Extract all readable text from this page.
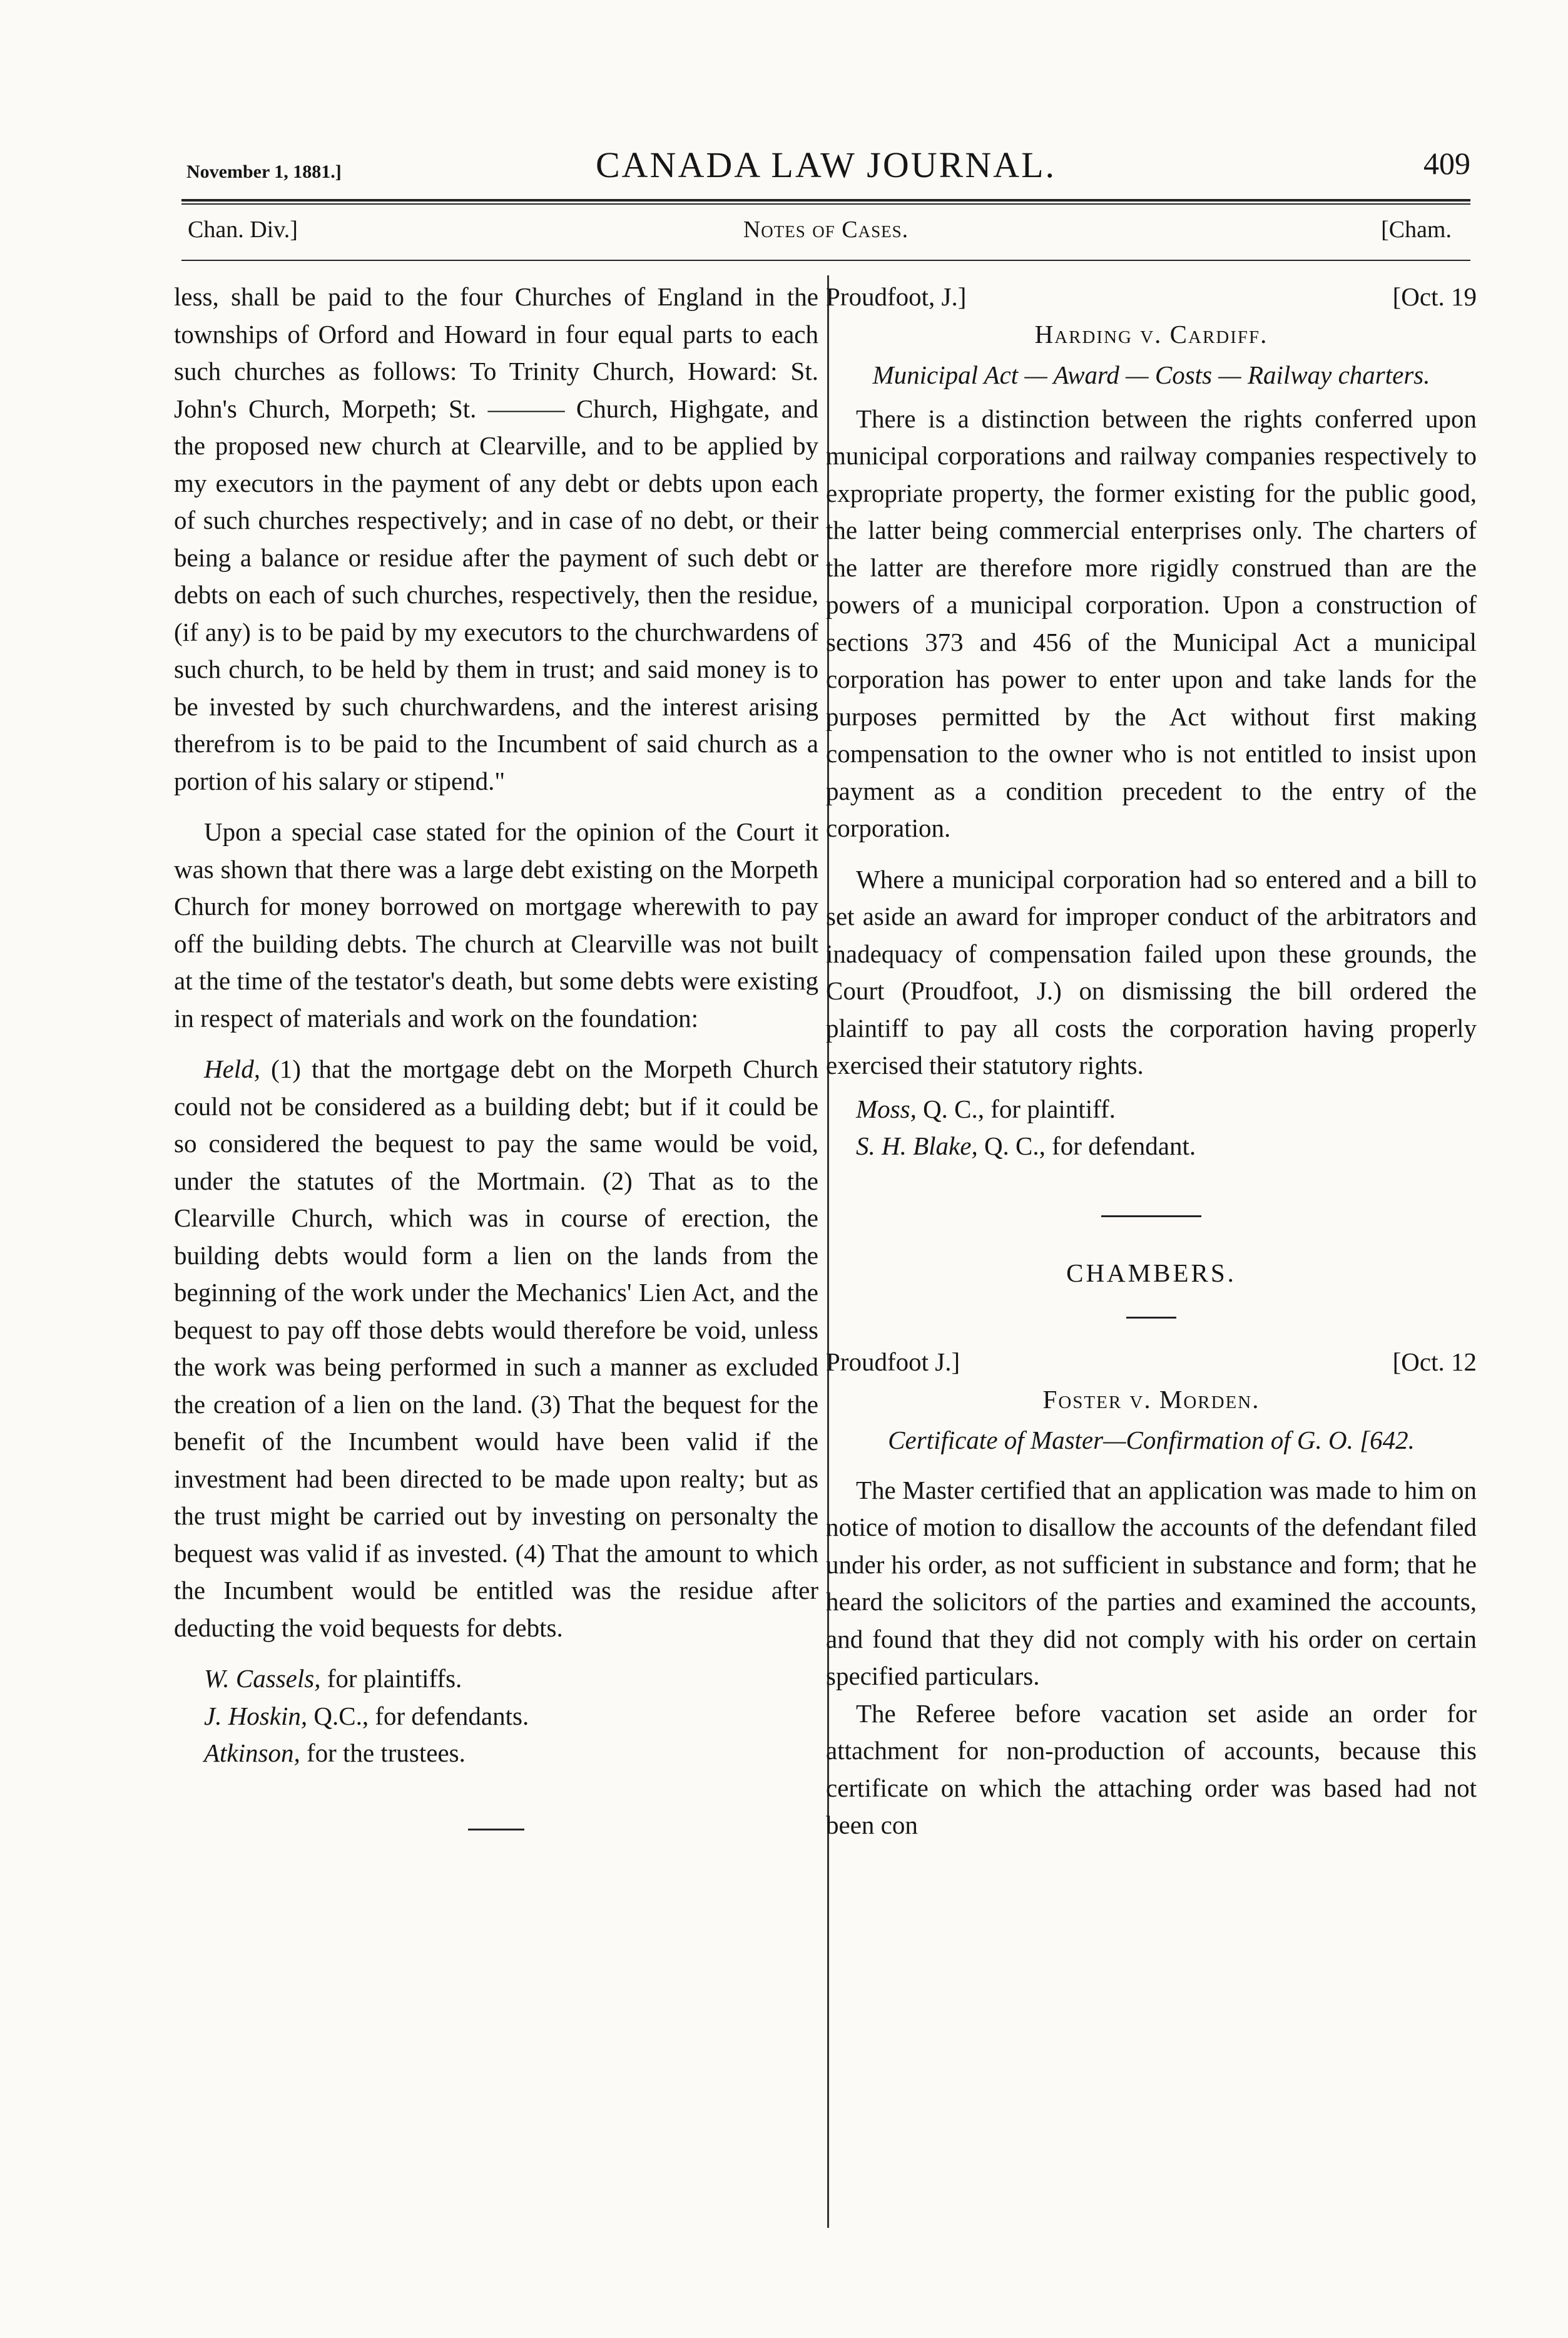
November 1, 1881.]	CANADA LAW JOURNAL.	409
Chan. Div.]	Notes of Cases.	[Cham.

less, shall be paid to the four Churches of England in the townships of Orford and Howard in four equal parts to each such churches as follows: To Trinity Church, Howard: St. John's Church, Morpeth; St. ——— Church, Highgate, and the proposed new church at Clearville, and to be applied by my executors in the payment of any debt or debts upon each of such churches respectively; and in case of no debt, or their being a balance or residue after the payment of such debt or debts on each of such churches, respectively, then the residue, (if any) is to be paid by my executors to the churchwardens of such church, to be held by them in trust; and said money is to be invested by such churchwardens, and the interest arising therefrom is to be paid to the Incumbent of said church as a portion of his salary or stipend."

Upon a special case stated for the opinion of the Court it was shown that there was a large debt existing on the Morpeth Church for money borrowed on mortgage wherewith to pay off the building debts. The church at Clearville was not built at the time of the testator's death, but some debts were existing in respect of materials and work on the foundation:

Held, (1) that the mortgage debt on the Morpeth Church could not be considered as a building debt; but if it could be so considered the bequest to pay the same would be void, under the statutes of the Mortmain. (2) That as to the Clearville Church, which was in course of erection, the building debts would form a lien on the lands from the beginning of the work under the Mechanics' Lien Act, and the bequest to pay off those debts would therefore be void, unless the work was being performed in such a manner as excluded the creation of a lien on the land. (3) That the bequest for the benefit of the Incumbent would have been valid if the investment had been directed to be made upon realty; but as the trust might be carried out by investing on personalty the bequest was valid if as invested. (4) That the amount to which the Incumbent would be entitled was the residue after deducting the void bequests for debts.

W. Cassels, for plaintiffs.

J. Hoskin, Q.C., for defendants.

Atkinson, for the trustees.

Proudfoot, J.]	[Oct. 19
Harding v. Cardiff.
Municipal Act — Award — Costs — Railway charters.

There is a distinction between the rights conferred upon municipal corporations and railway companies respectively to expropriate property, the former existing for the public good, the latter being commercial enterprises only. The charters of the latter are therefore more rigidly construed than are the powers of a municipal corporation. Upon a construction of sections 373 and 456 of the Municipal Act a municipal corporation has power to enter upon and take lands for the purposes permitted by the Act without first making compensation to the owner who is not entitled to insist upon payment as a condition precedent to the entry of the corporation.

Where a municipal corporation had so entered and a bill to set aside an award for improper conduct of the arbitrators and inadequacy of compensation failed upon these grounds, the Court (Proudfoot, J.) on dismissing the bill ordered the plaintiff to pay all costs the corporation having properly exercised their statutory rights.

Moss, Q. C., for plaintiff.

S. H. Blake, Q. C., for defendant.

CHAMBERS.
Proudfoot J.]	[Oct. 12
Foster v. Morden.
Certificate of Master—Confirmation of G. O. [642.

The Master certified that an application was made to him on notice of motion to disallow the accounts of the defendant filed under his order, as not sufficient in substance and form; that he heard the solicitors of the parties and examined the accounts, and found that they did not comply with his order on certain specified particulars.

The Referee before vacation set aside an order for attachment for non-production of accounts, because this certificate on which the attaching order was based had not been con
